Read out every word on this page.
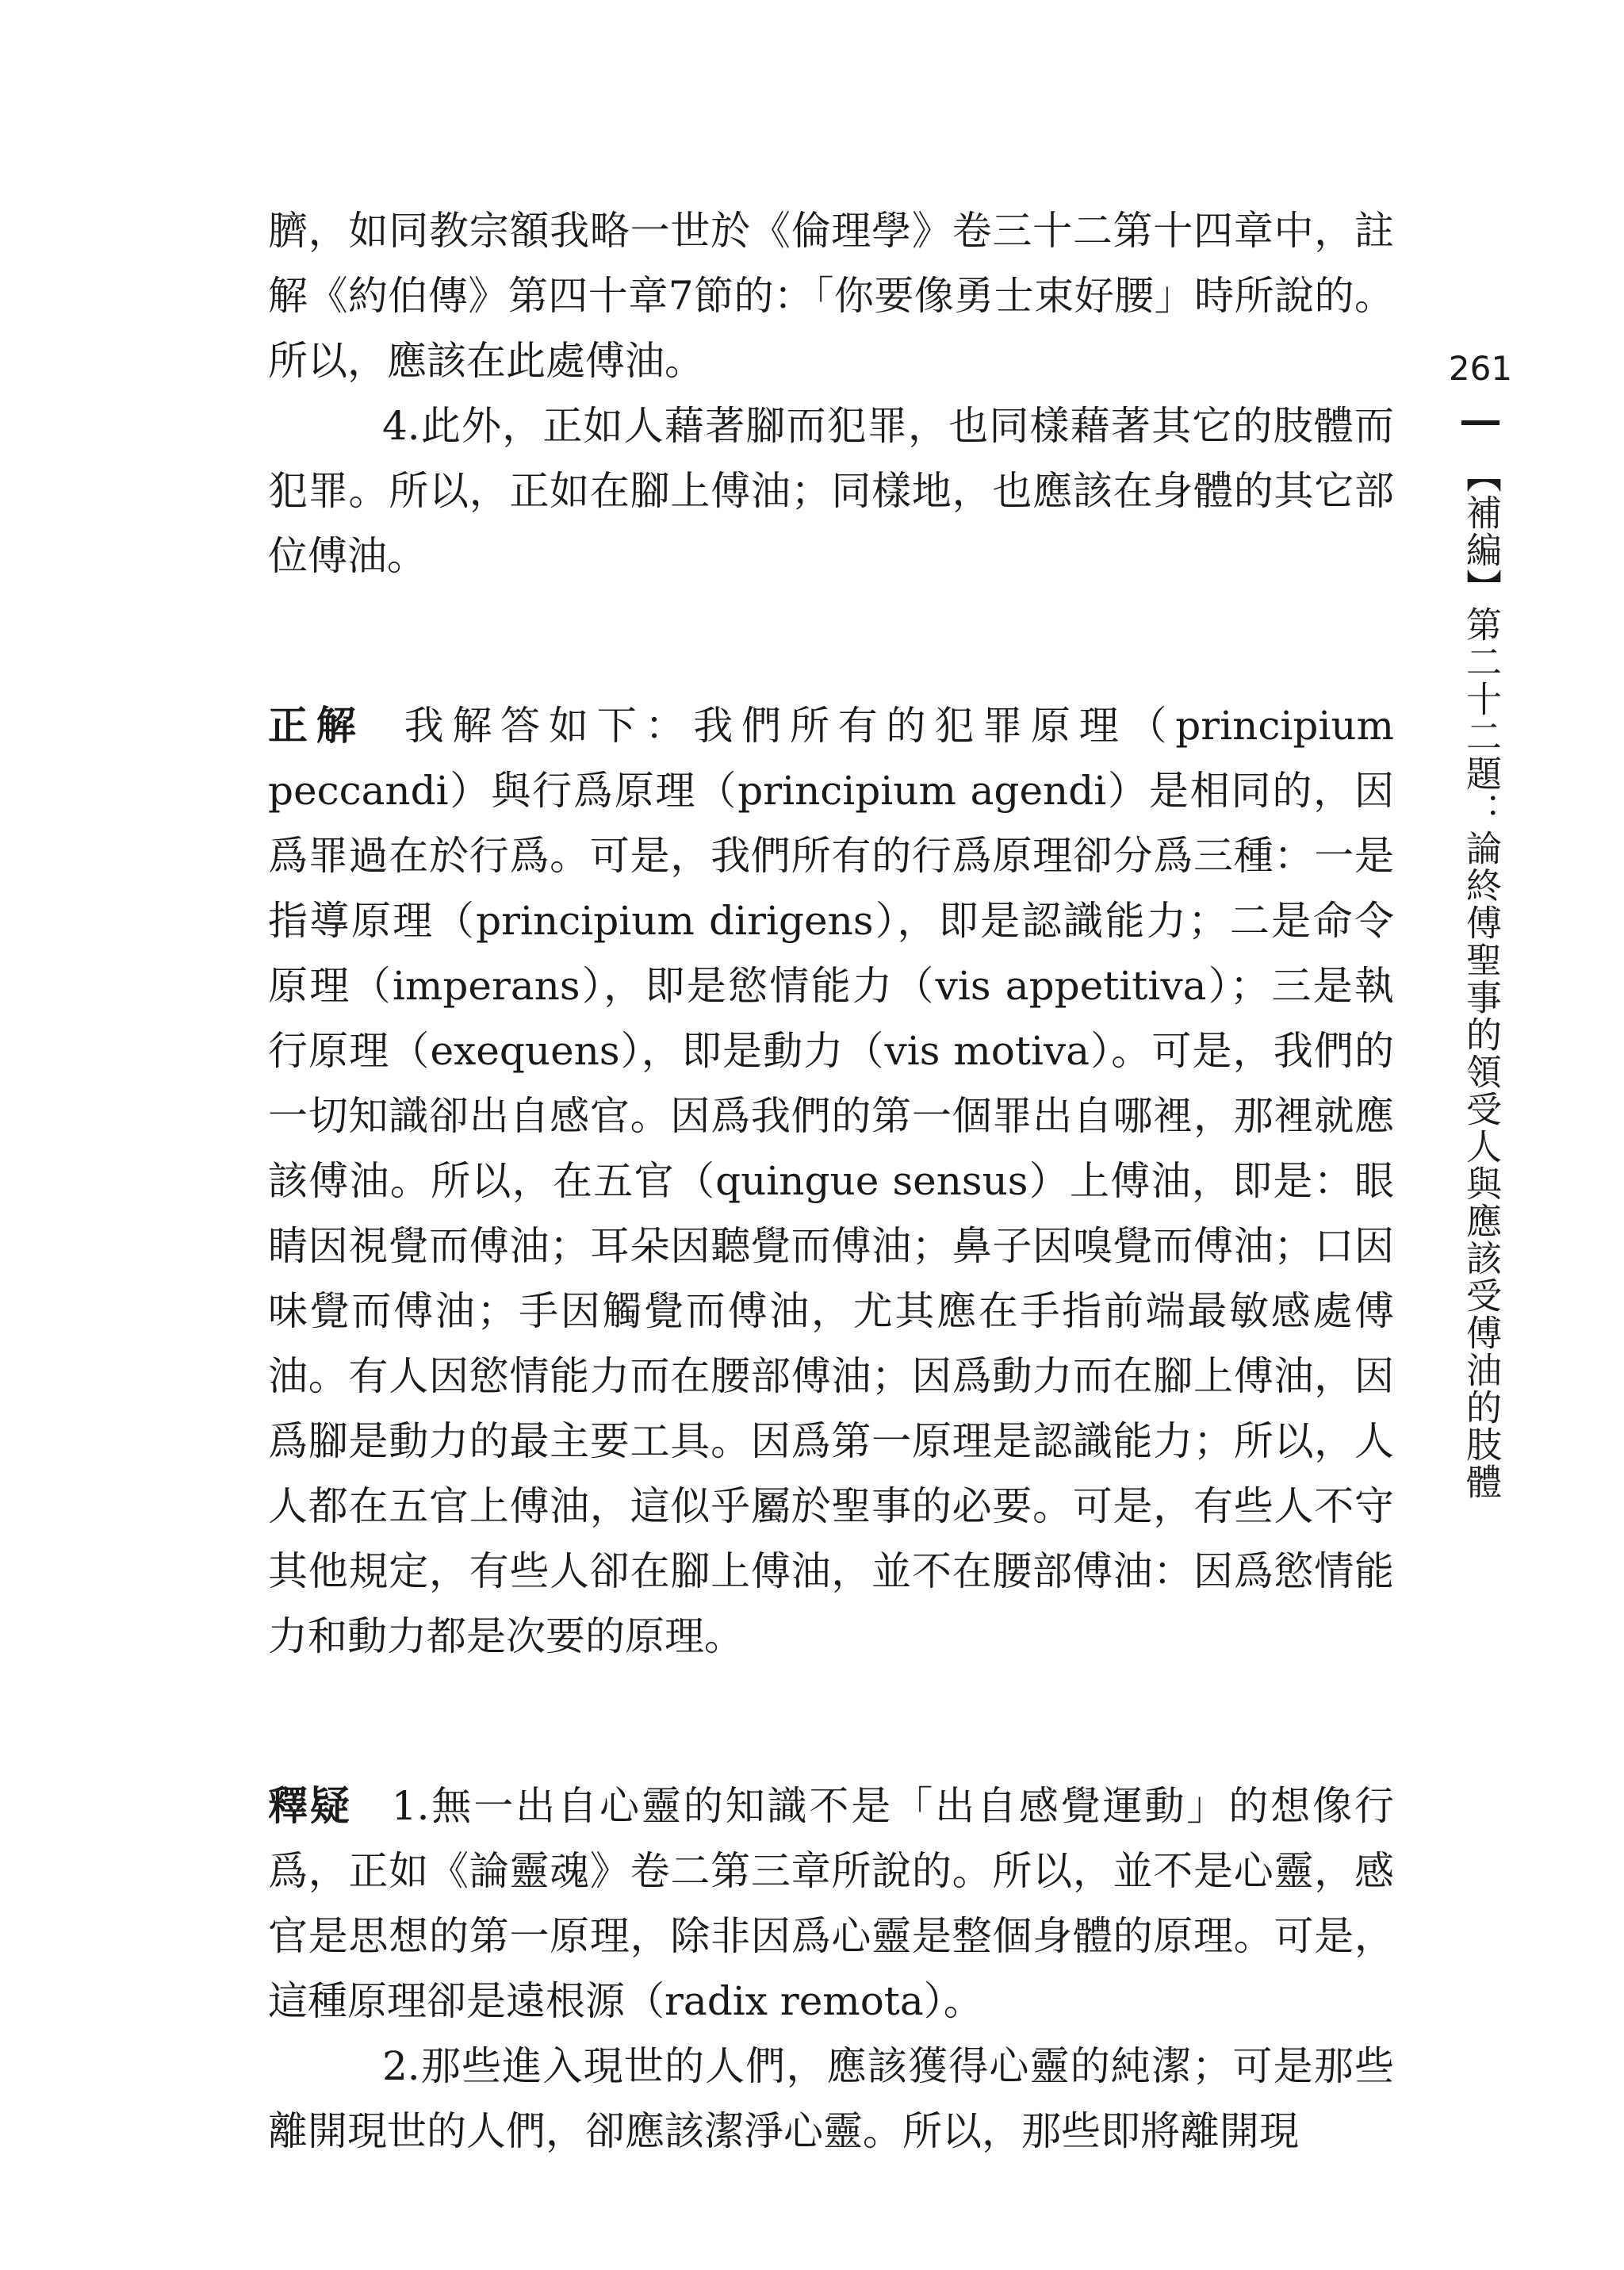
臍，如同教宗額我略一世於《倫理學》卷三十二第十四章中，註解《約伯傳》第四十章7節的：「你要像勇士束好腰」時所說的。所以，應該在此處傅油。

4.此外，正如人藉著腳而犯罪，也同樣藉著其它的肢體而犯罪。所以，正如在腳上傅油；同樣地，也應該在身體的其它部位傅油。

正解 我解答如下：我們所有的犯罪原理（principium peccandi）與行爲原理（principium agendi）是相同的，因爲罪過在於行爲。可是，我們所有的行爲原理卻分爲三種：一是指導原理（principium dirigens），即是認識能力；二是命令原理（imperans），即是慾情能力（vis appetitiva）；三是執行原理（exequens），即是動力（vis motiva）。可是，我們的一切知識卻出自感官。因爲我們的第一個罪出自哪裡，那裡就應該傅油。所以，在五官（quingue sensus）上傅油，即是：眼睛因視覺而傅油；耳朵因聽覺而傅油；鼻子因嗅覺而傅油；口因味覺而傅油；手因觸覺而傅油，尤其應在手指前端最敏感處傅油。有人因慾情能力而在腰部傅油；因爲動力而在腳上傅油，因爲腳是動力的最主要工具。因爲第一原理是認識能力；所以，人人都在五官上傅油，這似乎屬於聖事的必要。可是，有些人不守其他規定，有些人卻在腳上傅油，並不在腰部傅油：因爲慾情能力和動力都是次要的原理。

釋疑 1.無一出自心靈的知識不是「出自感覺運動」的想像行爲，正如《論靈魂》卷二第三章所說的。所以，並不是心靈，感官是思想的第一原理，除非因爲心靈是整個身體的原理。可是，這種原理卻是遠根源（radix remota）。

2.那些進入現世的人們，應該獲得心靈的純潔；可是那些離開現世的人們，卻應該潔淨心靈。所以，那些即將離開現

261
【補編】第二十二題：論終傅聖事的領受人與應該受傅油的肢體
